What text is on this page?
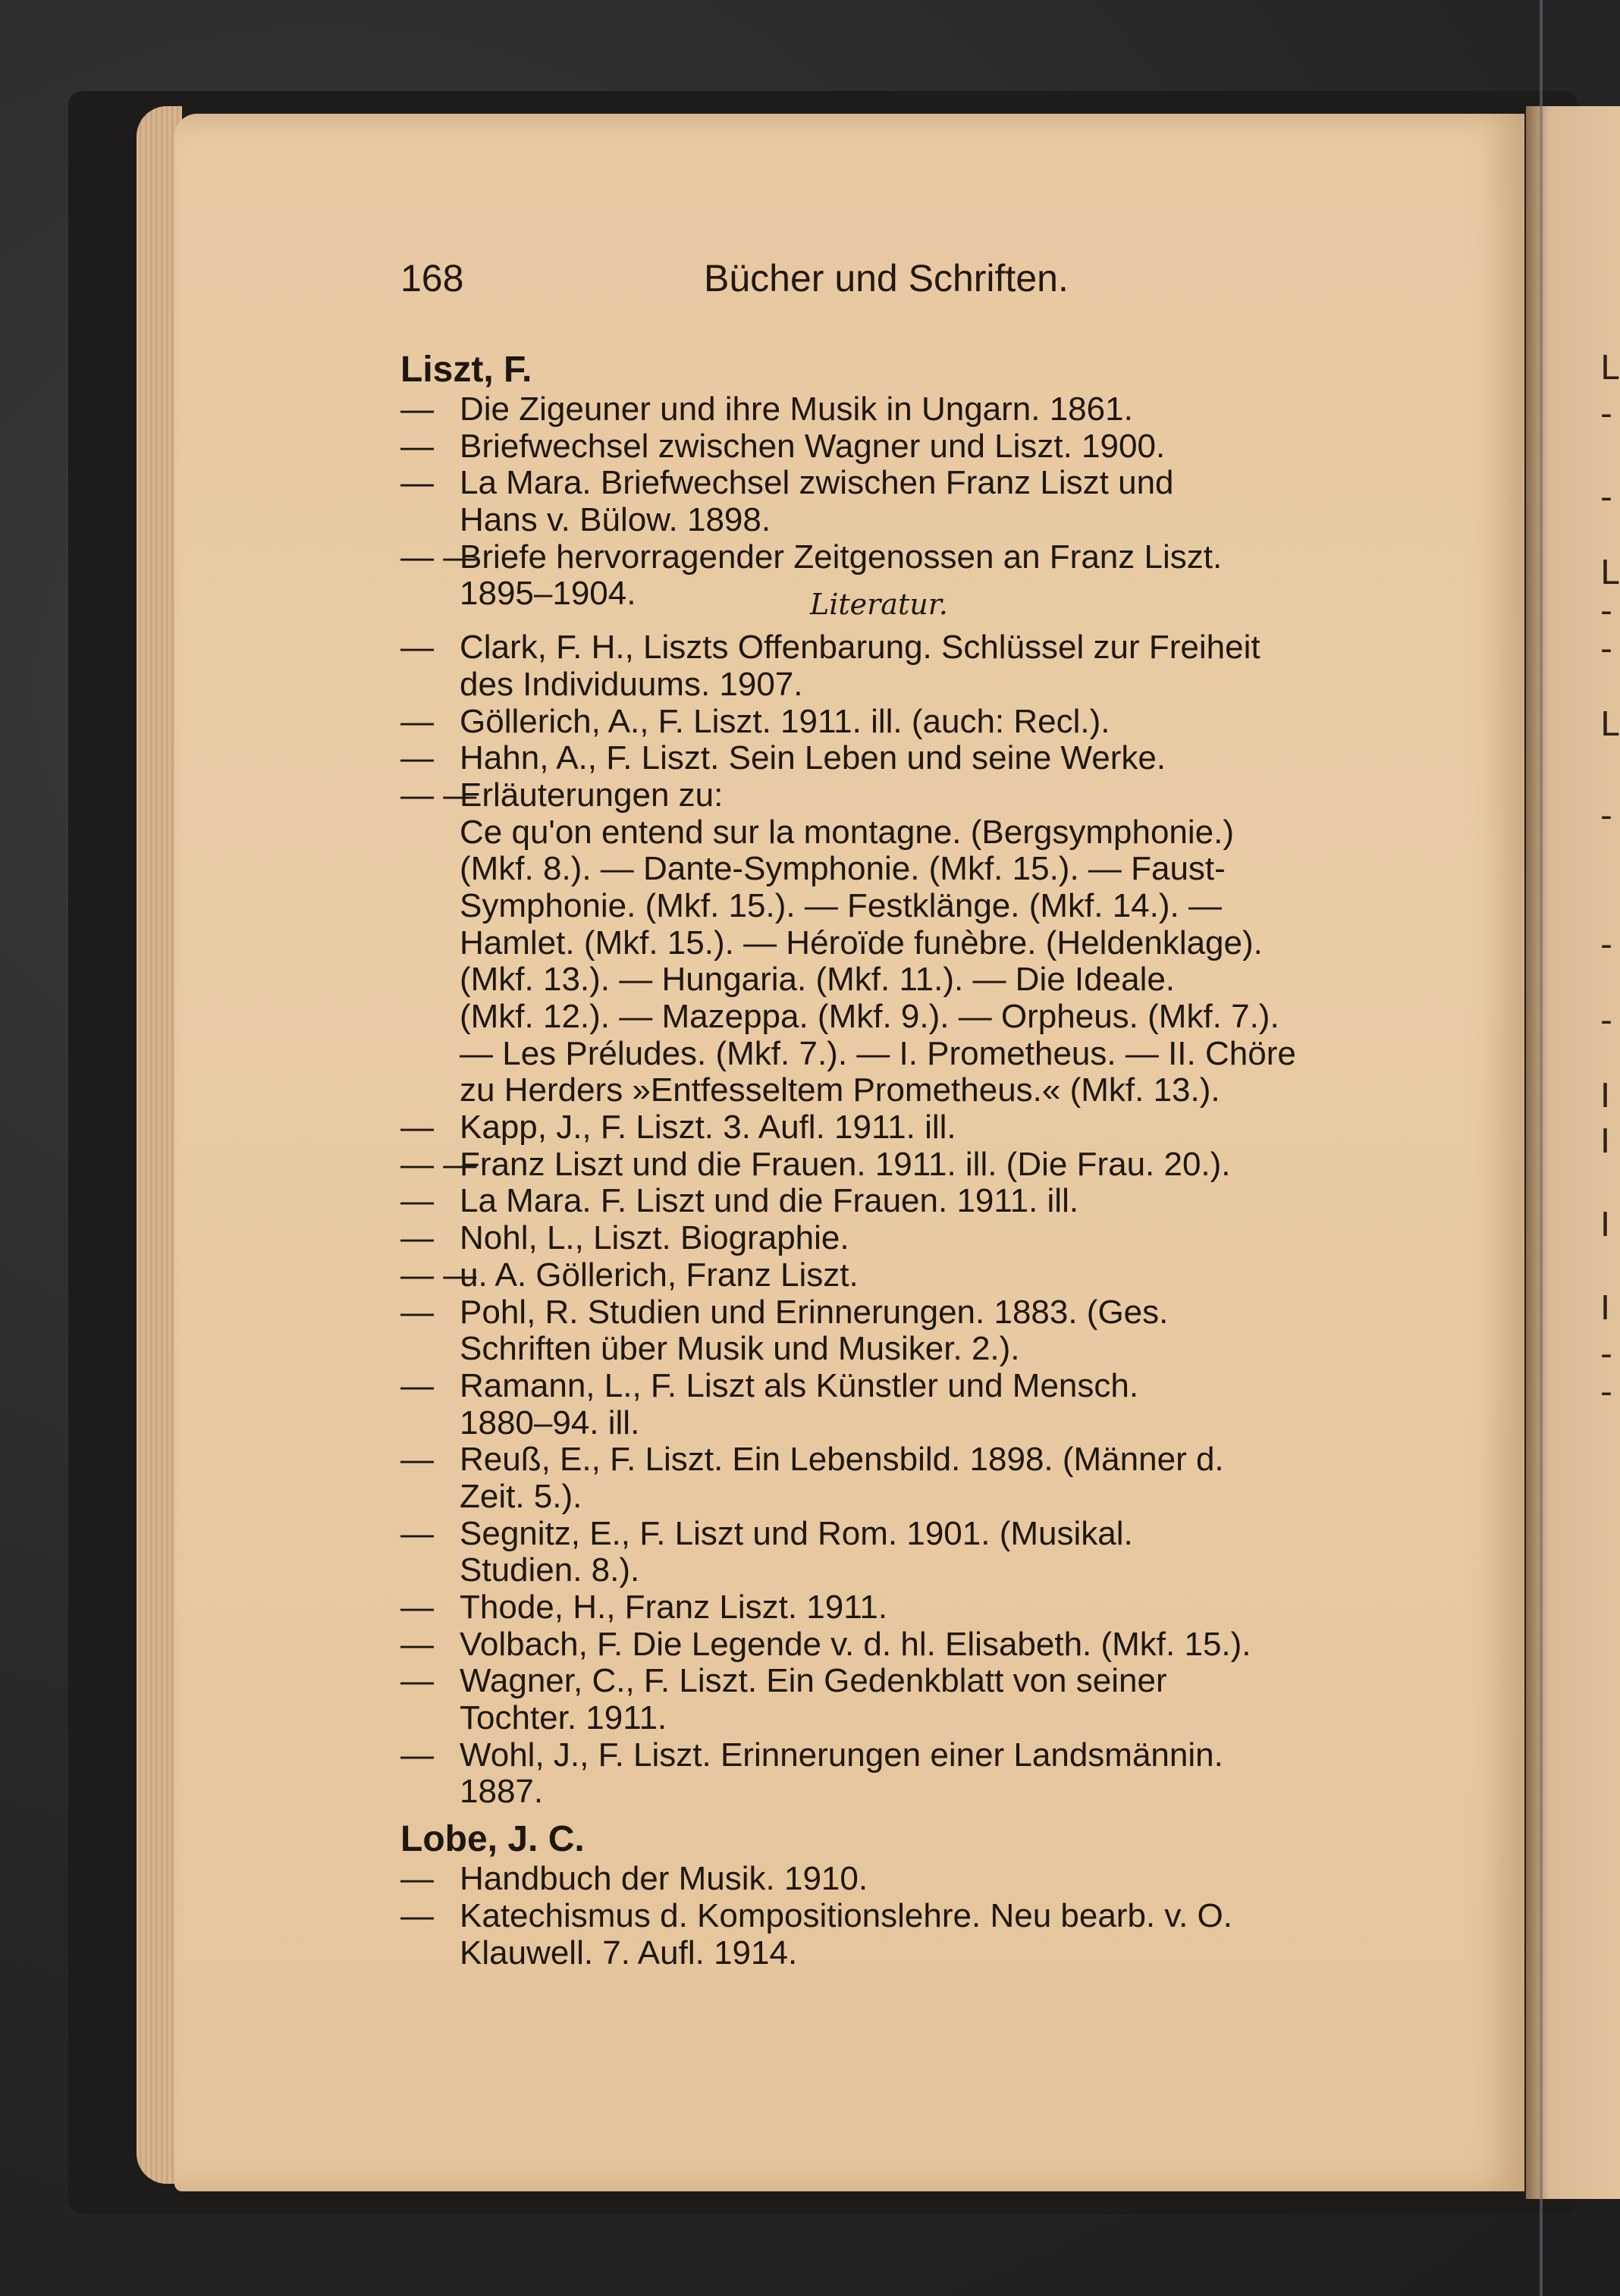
168	Bücher und Schriften.
Liszt, F.
— Die Zigeuner und ihre Musik in Ungarn. 1861.
— Briefwechsel zwischen Wagner und Liszt. 1900.
— La Mara. Briefwechsel zwischen Franz Liszt und
Hans v. Bülow. 1898.
— —
Briefe hervorragender Zeitgenossen an Franz Liszt.
1895–1904.	Literatur.
— Clark, F. H., Liszts Offenbarung. Schlüssel zur Freiheit
des Individuums. 1907.
— Göllerich, A., F. Liszt. 1911. ill. (auch: Recl.).
— Hahn, A., F. Liszt. Sein Leben und seine Werke.
— —
Erläuterungen zu:
Ce qu'on entend sur la montagne. (Bergsymphonie.)
(Mkf. 8.). — Dante-Symphonie. (Mkf. 15.). — Faust-
Symphonie. (Mkf. 15.). — Festklänge. (Mkf. 14.). —
Hamlet. (Mkf. 15.). — Héroïde funèbre. (Heldenklage).
(Mkf. 13.). — Hungaria. (Mkf. 11.). — Die Ideale.
(Mkf. 12.). — Mazeppa. (Mkf. 9.). — Orpheus. (Mkf. 7.).
— Les Préludes. (Mkf. 7.). — I. Prometheus. — II. Chöre
zu Herders »Entfesseltem Prometheus.« (Mkf. 13.).
— Kapp, J., F. Liszt. 3. Aufl. 1911. ill.
— —
Franz Liszt und die Frauen. 1911. ill. (Die Frau. 20.).
— La Mara. F. Liszt und die Frauen. 1911. ill.
— Nohl, L., Liszt. Biographie.
— —
u. A. Göllerich, Franz Liszt.
— Pohl, R. Studien und Erinnerungen. 1883. (Ges.
Schriften über Musik und Musiker. 2.).
— Ramann, L., F. Liszt als Künstler und Mensch.
1880–94. ill.
— Reuß, E., F. Liszt. Ein Lebensbild. 1898. (Männer d.
Zeit. 5.).
— Segnitz, E., F. Liszt und Rom. 1901. (Musikal.
Studien. 8.).
— Thode, H., Franz Liszt. 1911.
— Volbach, F. Die Legende v. d. hl. Elisabeth. (Mkf. 15.).
— Wagner, C., F. Liszt. Ein Gedenkblatt von seiner
Tochter. 1911.
— Wohl, J., F. Liszt. Erinnerungen einer Landsmännin.
1887.
Lobe, J. C.
— Handbuch der Musik. 1910.
— Katechismus d. Kompositionslehre. Neu bearb. v. O.
Klauwell. 7. Aufl. 1914.
L
-
-
L
-
-
L
-
-
-
I
I
I
I
-
-
